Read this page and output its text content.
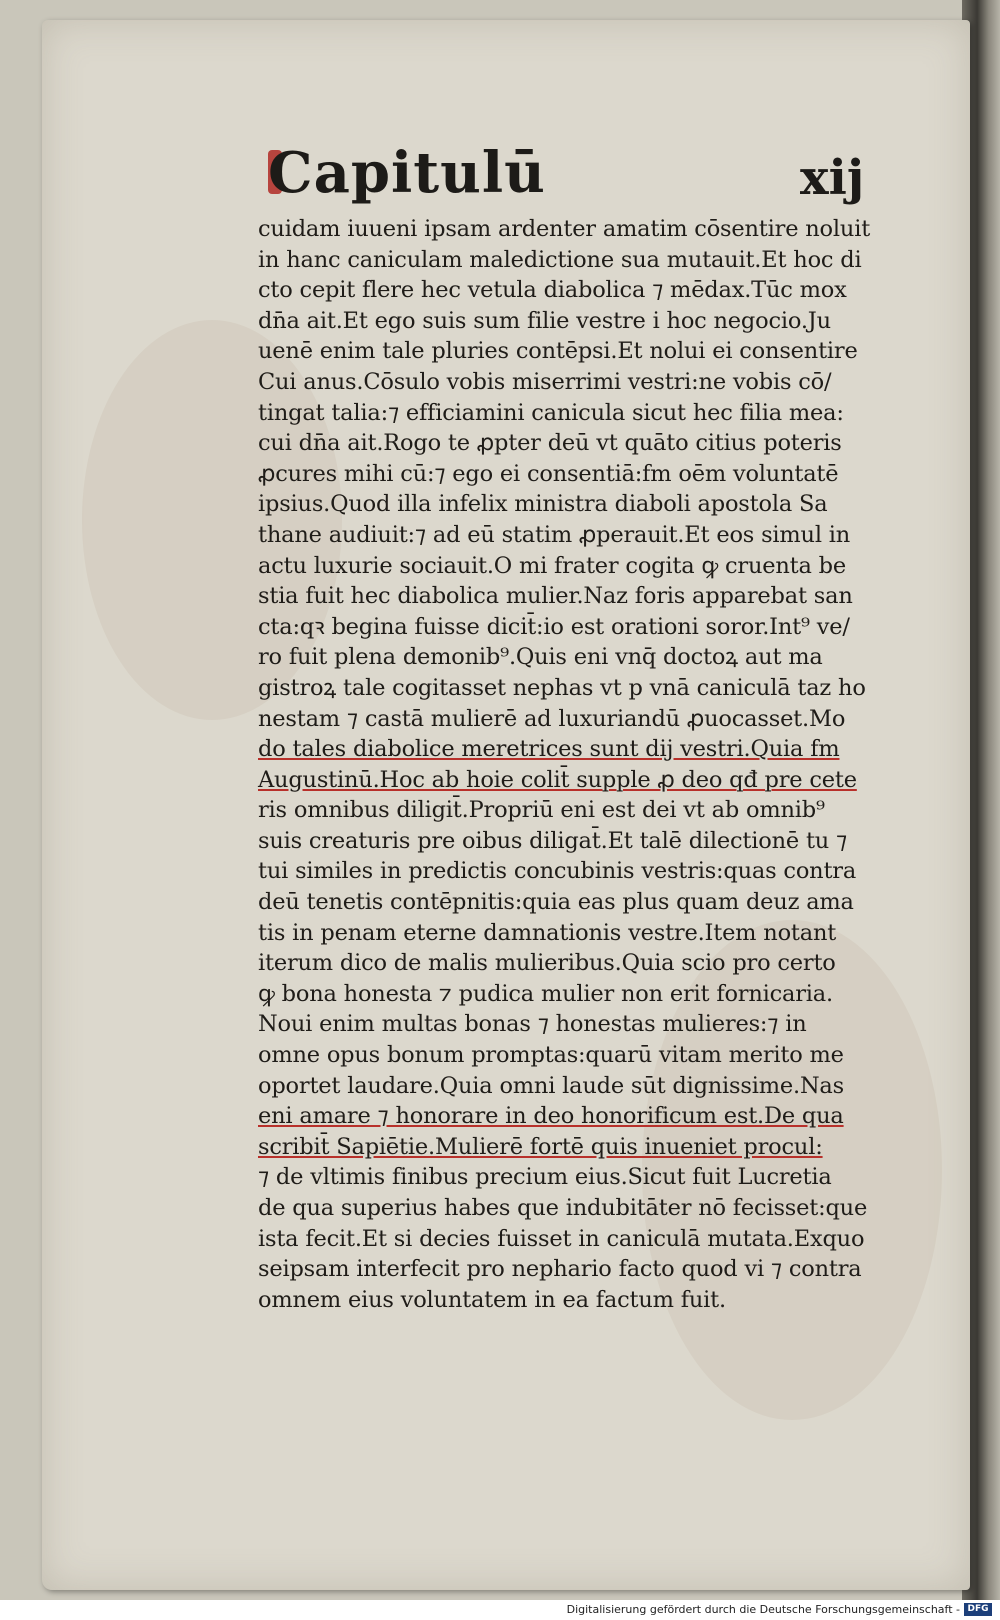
Capitulū	xij
cuidam iuueni ipsam ardenter amatim cōsentire noluit
in hanc caniculam maledictione sua mutauit.Et hoc di
cto cepit flere hec vetula diabolica ⁊ mēdax.Tūc mox
dn̄a ait.Et ego suis sum filie vestre i hoc negocio.Ju
uenē enim tale pluries contēpsi.Et nolui ei consentire
Cui anus.Cōsulo vobis miserrimi vestri:ne vobis cō/
tingat talia:⁊ efficiamini canicula sicut hec filia mea:
cui dn̄a ait.Rogo te ꝓpter deū vt quāto citius poteris
ꝓcures mihi cū:⁊ ego ei consentiā:fm oēm voluntatē
ipsius.Quod illa infelix ministra diaboli apostola Sa
thane audiuit:⁊ ad eū statim ꝓperauit.Et eos simul in
actu luxurie sociauit.O mi frater cogita ꝙ cruenta be
stia fuit hec diabolica mulier.Naz foris apparebat san
cta:qꝛ begina fuisse dicit̄:io est orationi soror.Int⁹ ve/
ro fuit plena demonib⁹.Quis eni vnq̄ doctoꝝ aut ma
gistroꝝ tale cogitasset nephas vt p vnā caniculā taz ho
nestam ⁊ castā mulierē ad luxuriandū ꝓuocasset.Mo
do tales diabolice meretrices sunt dij vestri.Quia fm
Augustinū.Hoc ab hoie colit̄ supple ꝓ deo qđ pre cete
ris omnibus diligit̄.Propriū eni est dei vt ab omnib⁹
suis creaturis pre oibus diligat̄.Et talē dilectionē tu ⁊
tui similes in predictis concubinis vestris:quas contra
deū tenetis contēpnitis:quia eas plus quam deuz ama
tis in penam eterne damnationis vestre.Item notant
iterum dico de malis mulieribus.Quia scio pro certo
ꝙ bona honesta ⁊ pudica mulier non erit fornicaria.
Noui enim multas bonas ⁊ honestas mulieres:⁊ in
omne opus bonum promptas:quarū vitam merito me
oportet laudare.Quia omni laude sūt dignissime.Nas
eni amare ⁊ honorare in deo honorificum est.De qua
scribit̄ Sapiētie.Mulierē fortē quis inueniet procul:
⁊ de vltimis finibus precium eius.Sicut fuit Lucretia
de qua superius habes que indubitāter nō fecisset:que
ista fecit.Et si decies fuisset in caniculā mutata.Exquo
seipsam interfecit pro nephario facto quod vi ⁊ contra
omnem eius voluntatem in ea factum fuit.
Digitalisierung gefördert durch die Deutsche Forschungsgemeinschaft - DFG
